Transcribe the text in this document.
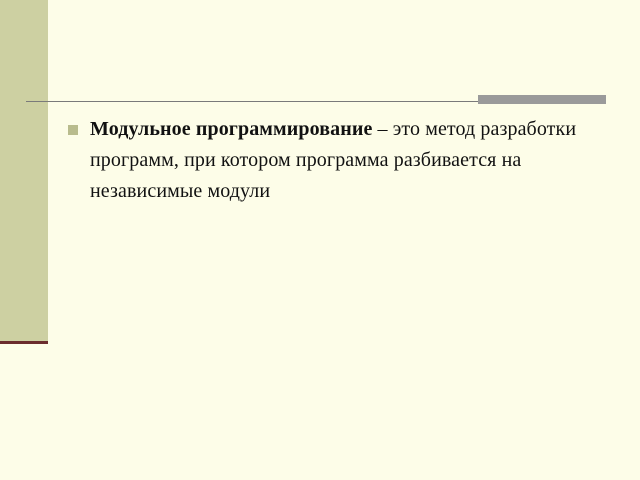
Модульное программирование – это метод разработки программ, при котором программа разбивается на независимые модули
